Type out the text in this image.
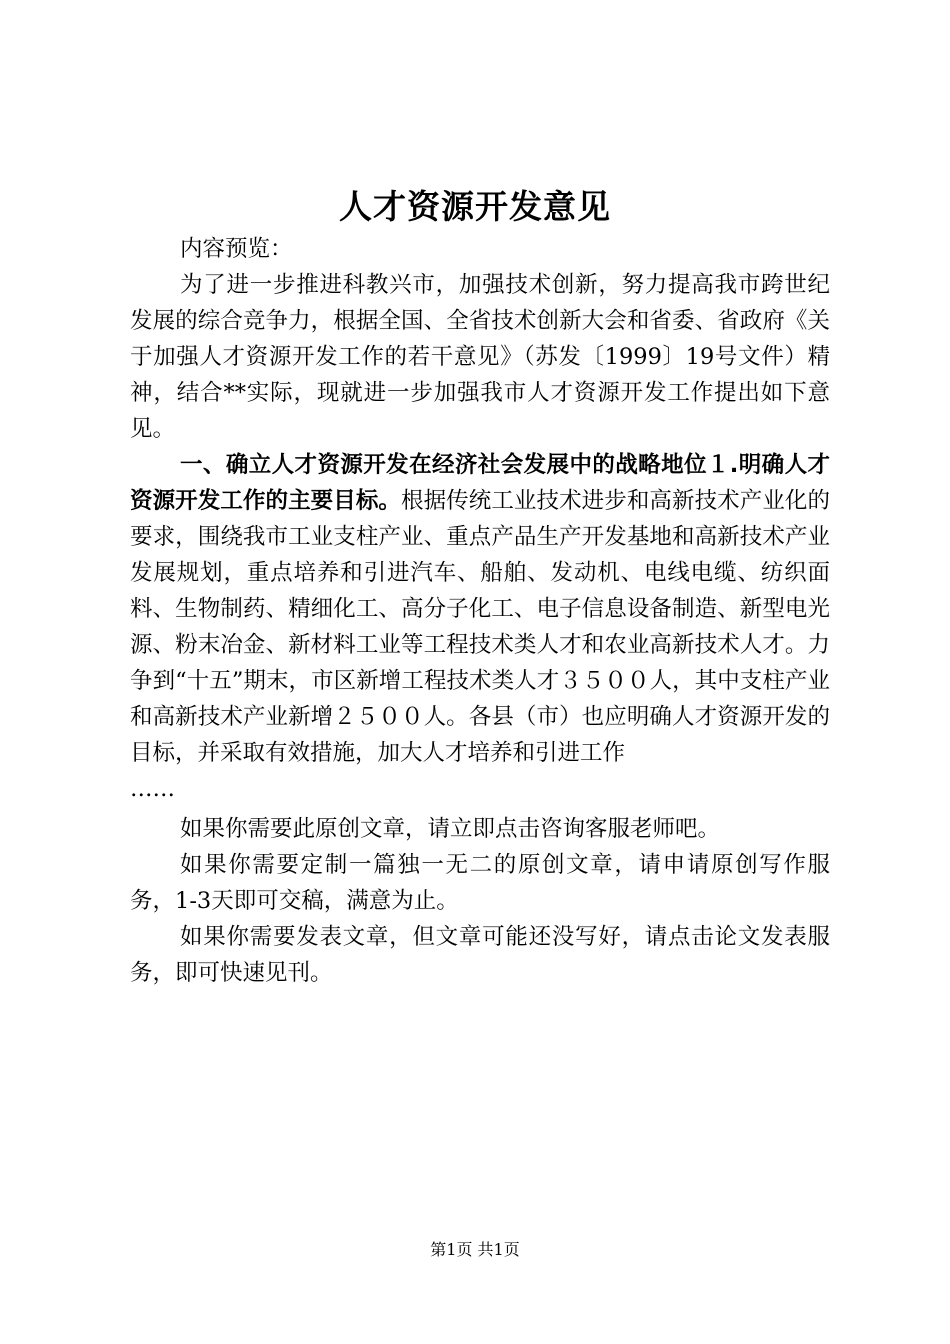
人才资源开发意见

内容预览：

为了进一步推进科教兴市，加强技术创新，努力提高我市跨世纪发展的综合竞争力，根据全国、全省技术创新大会和省委、省政府《关于加强人才资源开发工作的若干意见》（苏发〔1999〕19号文件）精神，结合**实际，现就进一步加强我市人才资源开发工作提出如下意见。

一、确立人才资源开发在经济社会发展中的战略地位１.明确人才资源开发工作的主要目标。根据传统工业技术进步和高新技术产业化的要求，围绕我市工业支柱产业、重点产品生产开发基地和高新技术产业发展规划，重点培养和引进汽车、船舶、发动机、电线电缆、纺织面料、生物制药、精细化工、高分子化工、电子信息设备制造、新型电光源、粉末冶金、新材料工业等工程技术类人才和农业高新技术人才。力争到“十五”期末，市区新增工程技术类人才３５００人，其中支柱产业和高新技术产业新增２５００人。各县（市）也应明确人才资源开发的目标，并采取有效措施，加大人才培养和引进工作

……

如果你需要此原创文章，请立即点击咨询客服老师吧。

如果你需要定制一篇独一无二的原创文章，请申请原创写作服务，1-3天即可交稿，满意为止。

如果你需要发表文章，但文章可能还没写好，请点击论文发表服务，即可快速见刊。

第1页 共1页
